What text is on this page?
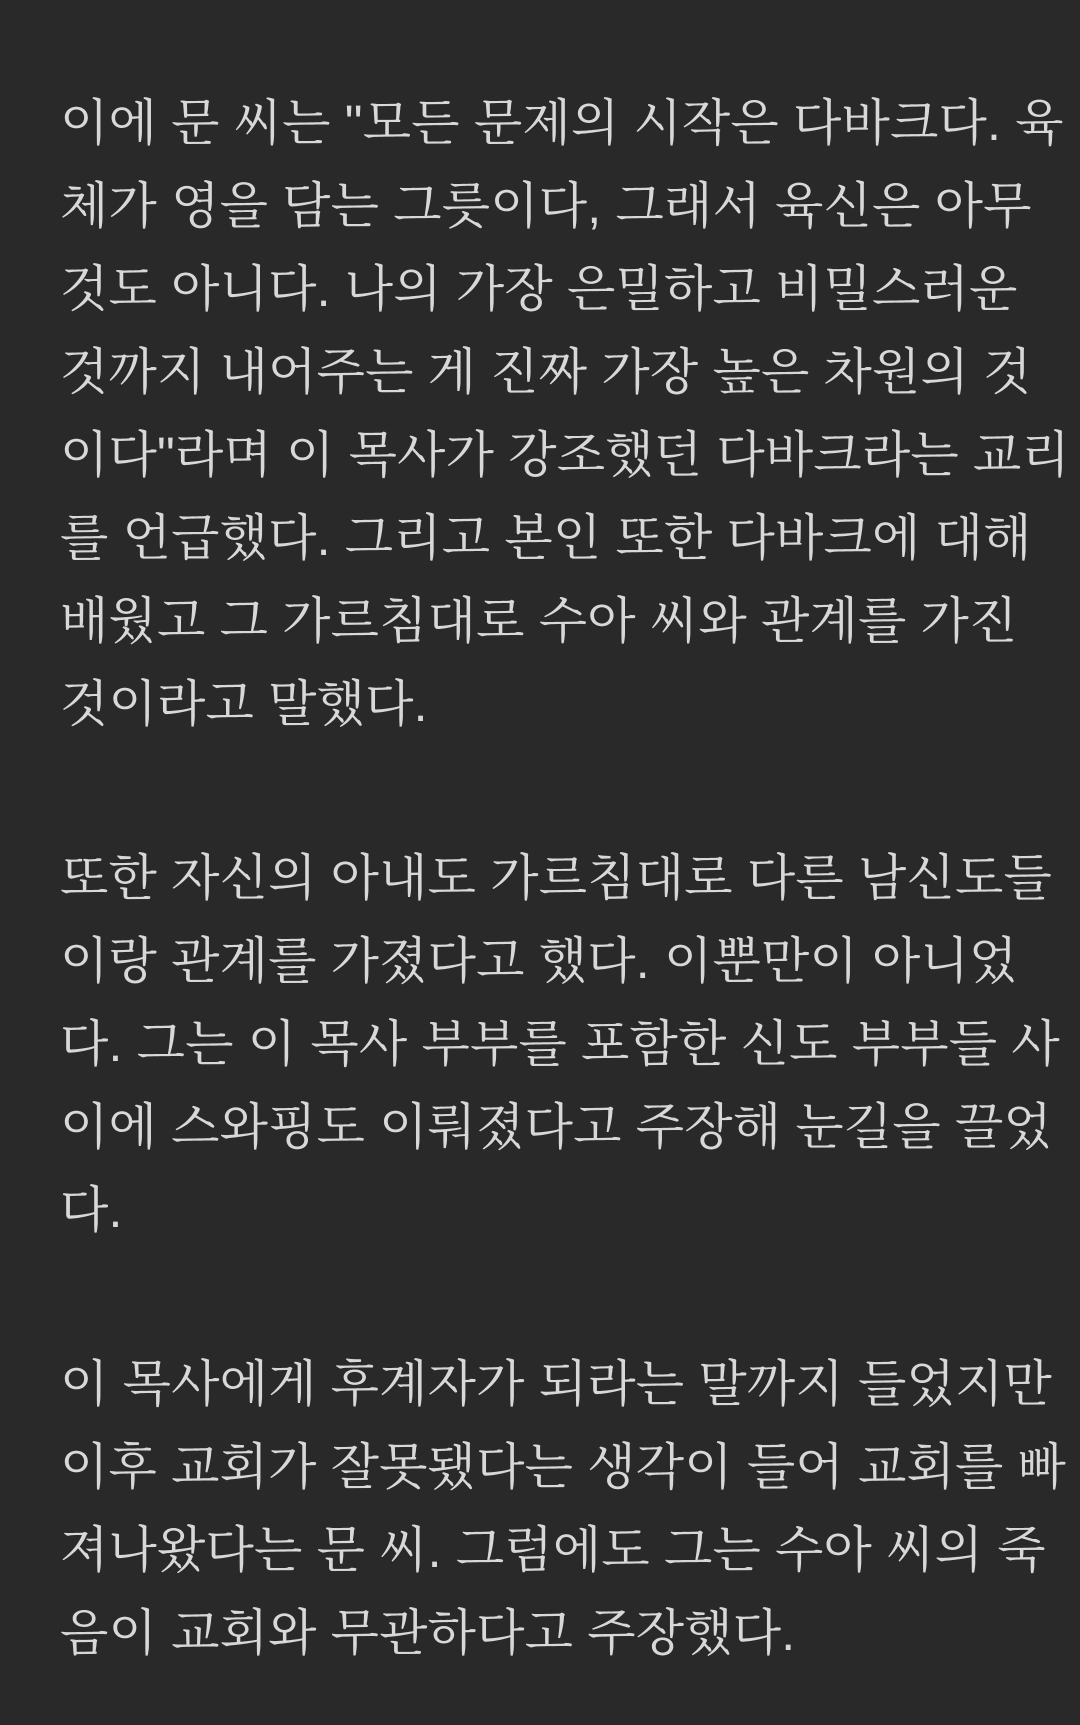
이에 문 씨는 "모든 문제의 시작은 다바크다. 육
체가 영을 담는 그릇이다, 그래서 육신은 아무
것도 아니다. 나의 가장 은밀하고 비밀스러운
것까지 내어주는 게 진짜 가장 높은 차원의 것
이다"라며 이 목사가 강조했던 다바크라는 교리
를 언급했다. 그리고 본인 또한 다바크에 대해
배웠고 그 가르침대로 수아 씨와 관계를 가진
것이라고 말했다.

또한 자신의 아내도 가르침대로 다른 남신도들
이랑 관계를 가졌다고 했다. 이뿐만이 아니었
다. 그는 이 목사 부부를 포함한 신도 부부들 사
이에 스와핑도 이뤄졌다고 주장해 눈길을 끌었
다.

이 목사에게 후계자가 되라는 말까지 들었지만
이후 교회가 잘못됐다는 생각이 들어 교회를 빠
져나왔다는 문 씨. 그럼에도 그는 수아 씨의 죽
음이 교회와 무관하다고 주장했다.
